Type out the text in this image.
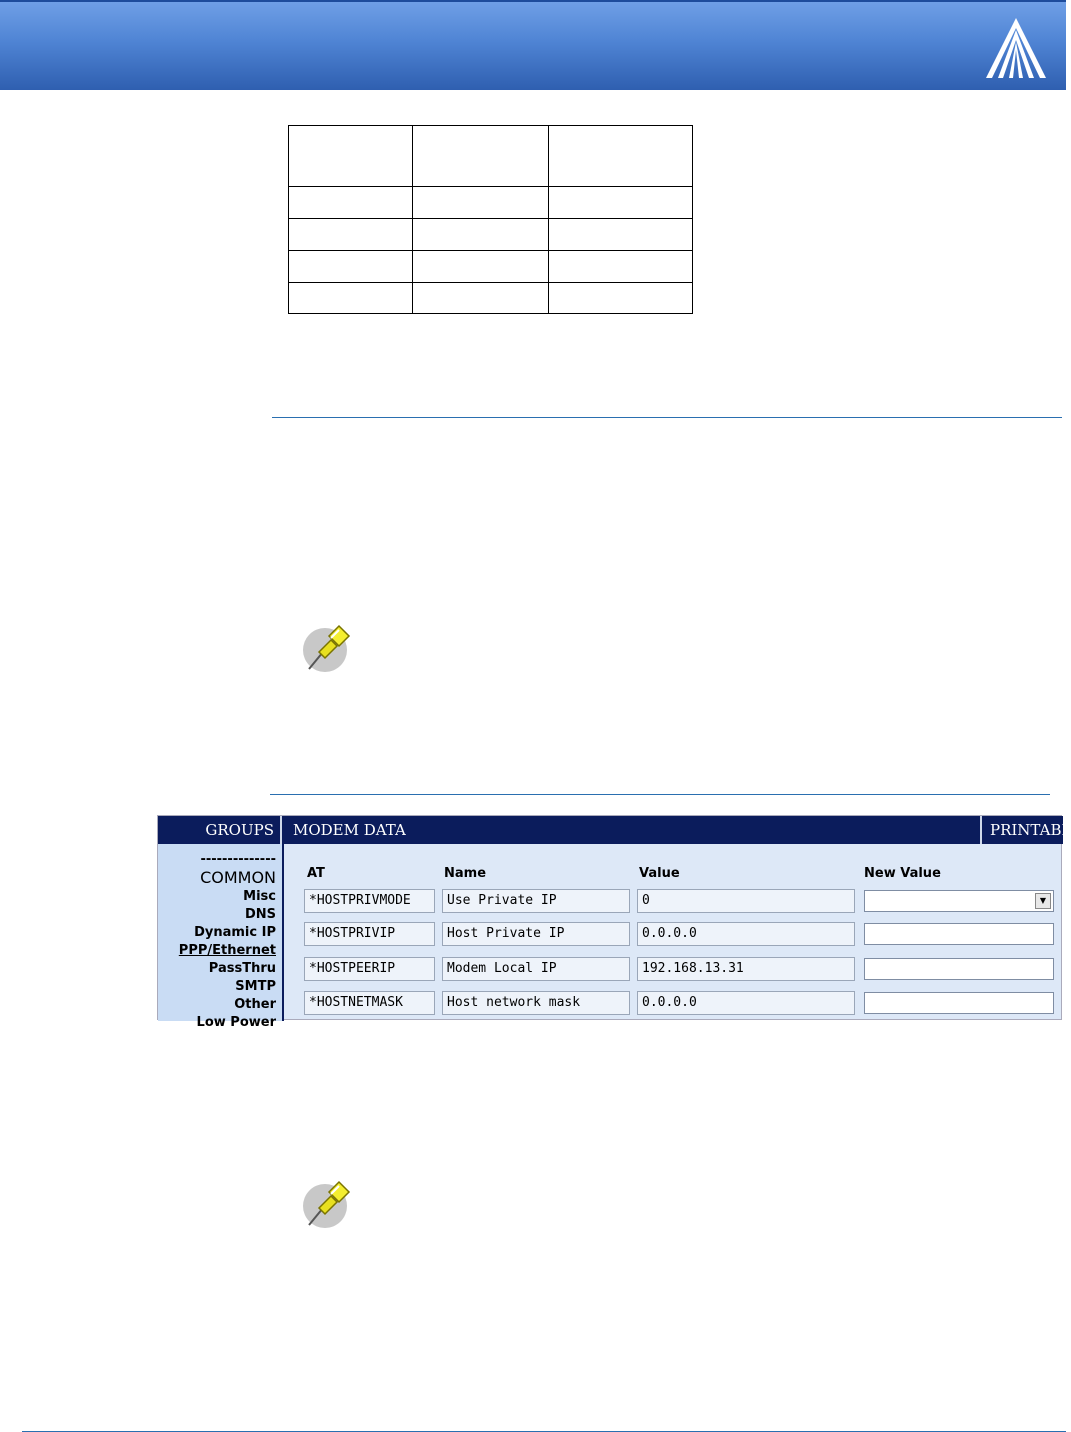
GROUPS	MODEM DATA	PRINTABL
--------------
COMMON
Misc
DNS
Dynamic IP
PPP/Ethernet
PassThru
SMTP
Other
Low Power
AT	Name	Value	New Value
*HOSTPRIVMODE	Use Private IP	0	▼
*HOSTPRIVIP	Host Private IP	0.0.0.0
*HOSTPEERIP	Modem Local IP	192.168.13.31
*HOSTNETMASK	Host network mask	0.0.0.0
